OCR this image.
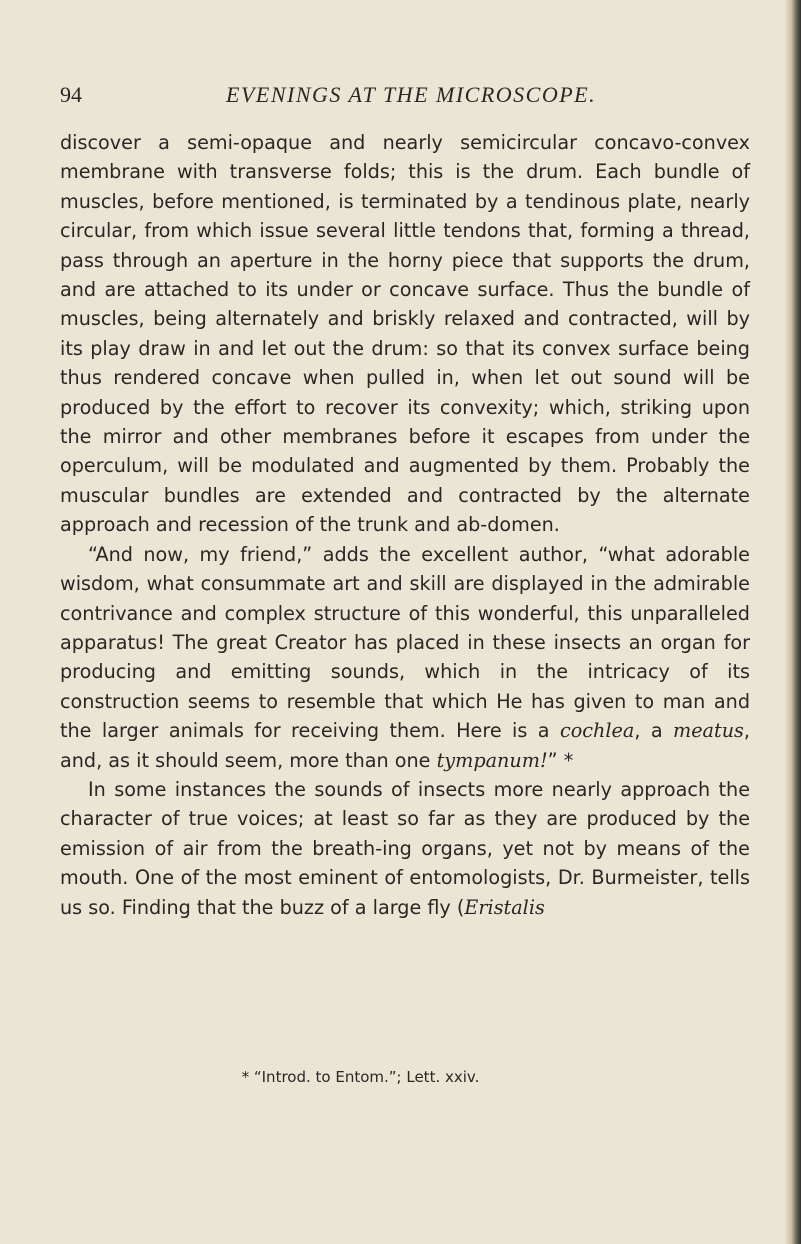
94	EVENINGS AT THE MICROSCOPE.

discover a semi-opaque and nearly semicircular concavo-convex membrane with transverse folds; this is the drum. Each bundle of muscles, before mentioned, is terminated by a tendinous plate, nearly circular, from which issue several little tendons that, forming a thread, pass through an aperture in the horny piece that supports the drum, and are attached to its under or concave surface. Thus the bundle of muscles, being alternately and briskly relaxed and contracted, will by its play draw in and let out the drum: so that its convex surface being thus rendered concave when pulled in, when let out sound will be produced by the effort to recover its convexity; which, striking upon the mirror and other membranes before it escapes from under the operculum, will be modulated and augmented by them. Probably the muscular bundles are extended and contracted by the alternate approach and recession of the trunk and ab-domen.

“And now, my friend,” adds the excellent author, “what adorable wisdom, what consummate art and skill are displayed in the admirable contrivance and complex structure of this wonderful, this unparalleled apparatus! The great Creator has placed in these insects an organ for producing and emitting sounds, which in the intricacy of its construction seems to resemble that which He has given to man and the larger animals for receiving them. Here is a cochlea, a meatus, and, as it should seem, more than one tympanum!” *

In some instances the sounds of insects more nearly approach the character of true voices; at least so far as they are produced by the emission of air from the breath-ing organs, yet not by means of the mouth. One of the most eminent of entomologists, Dr. Burmeister, tells us so. Finding that the buzz of a large fly (Eristalis

* “Introd. to Entom.”; Lett. xxiv.
